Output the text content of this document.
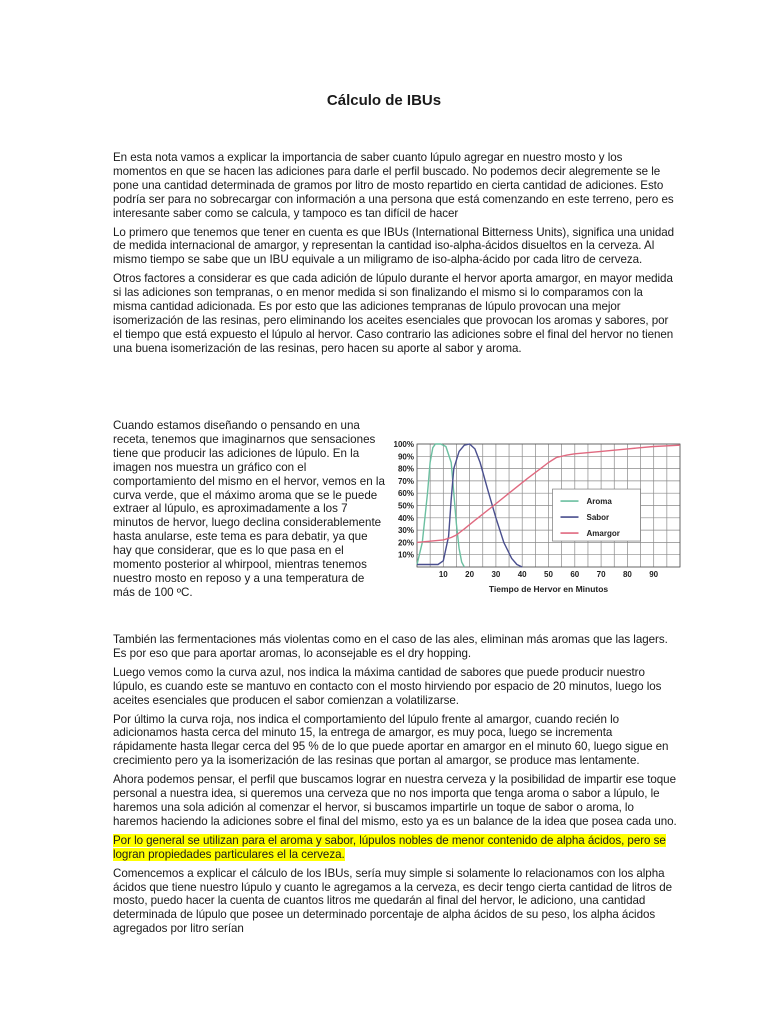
Cálculo de IBUs

En esta nota vamos a explicar la importancia de saber cuanto lúpulo agregar en nuestro mosto y los momentos en que se hacen las adiciones para darle el perfil buscado. No podemos decir alegremente se le pone una cantidad determinada de gramos por litro de mosto repartido en cierta cantidad de adiciones. Esto podría ser para no sobrecargar con información a una persona que está comenzando en este terreno, pero es interesante saber como se calcula, y tampoco es tan difícil de hacer

Lo primero que tenemos que tener en cuenta es que IBUs (International Bitterness Units), significa una unidad de medida internacional de amargor, y representan la cantidad iso-alpha-ácidos disueltos en la cerveza. Al mismo tiempo se sabe que un IBU equivale a un miligramo de iso-alpha-ácido por cada litro de cerveza.

Otros factores a considerar es que cada adición de lúpulo durante el hervor aporta amargor, en mayor medida si las adiciones son tempranas, o en menor medida si son finalizando el mismo si lo comparamos con la misma cantidad adicionada. Es por esto que las adiciones tempranas de lúpulo provocan una mejor isomerización de las resinas, pero eliminando los aceites esenciales que provocan los aromas y sabores, por el tiempo que está expuesto el lúpulo al hervor. Caso contrario las adiciones sobre el final del hervor no tienen una buena isomerización de las resinas, pero hacen su aporte al sabor y aroma.

Cuando estamos diseñando o pensando en una receta, tenemos que imaginarnos que sensaciones tiene que producir las adiciones de lúpulo. En la imagen nos muestra un gráfico con el comportamiento del mismo en el hervor, vemos en la curva verde, que el máximo aroma que se le puede extraer al lúpulo, es aproximadamente a los 7 minutos de hervor, luego declina considerablemente hasta anularse, este tema es para debatir, ya que hay que considerar, que es lo que pasa en el momento posterior al whirpool, mientras tenemos nuestro mosto en reposo y a una temperatura de más de 100 ºC.

10%
20%
30%
40%
50%
60%
70%
80%
90%
100%
10 20 30 40 50 60 70 80 90
Tiempo de Hervor en Minutos
Aroma
Sabor
Amargor

También las fermentaciones más violentas como en el caso de las ales, eliminan más aromas que las lagers. Es por eso que para aportar aromas, lo aconsejable es el dry hopping.

Luego vemos como la curva azul, nos indica la máxima cantidad de sabores que puede producir nuestro lúpulo, es cuando este se mantuvo en contacto con el mosto hirviendo por espacio de 20 minutos, luego los aceites esenciales que producen el sabor comienzan a volatilizarse.

Por último la curva roja, nos indica el comportamiento del lúpulo frente al amargor, cuando recién lo adicionamos hasta cerca del minuto 15, la entrega de amargor, es muy poca, luego se incrementa rápidamente hasta llegar cerca del 95 % de lo que puede aportar en amargor en el minuto 60, luego sigue en crecimiento pero ya la isomerización de las resinas que portan al amargor, se produce mas lentamente.

Ahora podemos pensar, el perfil que buscamos lograr en nuestra cerveza y la posibilidad de impartir ese toque personal a nuestra idea, si queremos una cerveza que no nos importa que tenga aroma o sabor a lúpulo, le haremos una sola adición al comenzar el hervor, si buscamos impartirle un toque de sabor o aroma, lo haremos haciendo la adiciones sobre el final del mismo, esto ya es un balance de la idea que posea cada uno.

Por lo general se utilizan para el aroma y sabor, lúpulos nobles de menor contenido de alpha ácidos, pero se logran propiedades particulares el la cerveza.

Comencemos a explicar el cálculo de los IBUs, sería muy simple si solamente lo relacionamos con los alpha ácidos que tiene nuestro lúpulo y cuanto le agregamos a la cerveza, es decir tengo cierta cantidad de litros de mosto, puedo hacer la cuenta de cuantos litros me quedarán al final del hervor, le adiciono, una cantidad determinada de lúpulo que posee un determinado porcentaje de alpha ácidos de su peso, los alpha ácidos agregados por litro serían
